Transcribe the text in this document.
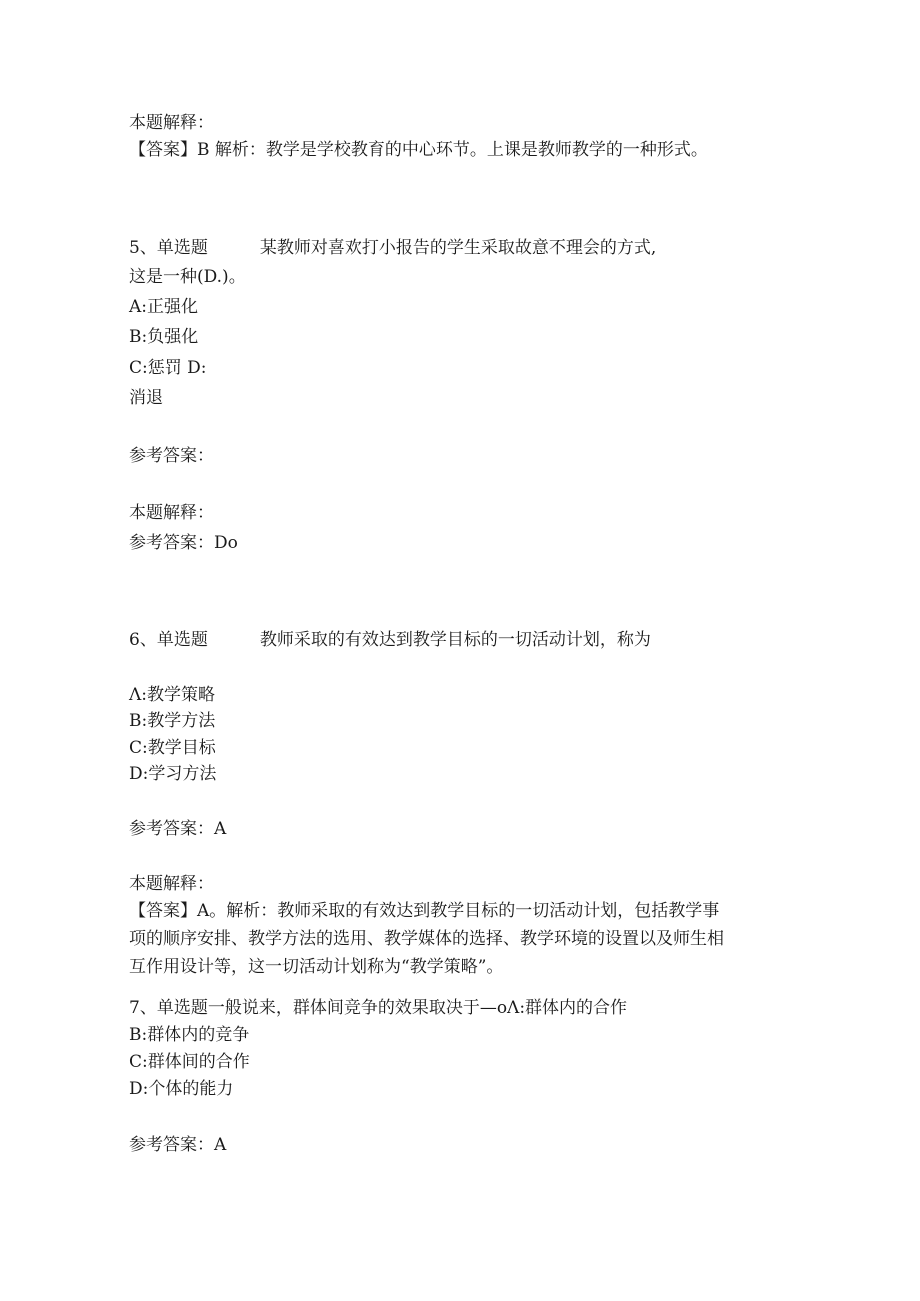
本题解释：
【答案】B 解析：教学是学校教育的中心环节。上课是教师教学的一种形式。
5、单选题	某教师对喜欢打小报告的学生采取故意不理会的方式,
这是一种(D.)。
A:正强化
B:负强化
C:惩罚 D:
消退
参考答案：
本题解释：
参考答案：Do
6、单选题	教师采取的有效达到教学目标的一切活动计划，称为
Λ:教学策略
B:教学方法
C:教学目标
D:学习方法
参考答案：A
本题解释：
【答案】A。解析：教师采取的有效达到教学目标的一切活动计划，包括教学事
项的顺序安排、教学方法的选用、教学媒体的选择、教学环境的设置以及师生相
互作用设计等，这一切活动计划称为“教学策略”。
7、单选题一般说来，群体间竞争的效果取决于—oΛ:群体内的合作
B:群体内的竞争
C:群体间的合作
D:个体的能力
参考答案：A
